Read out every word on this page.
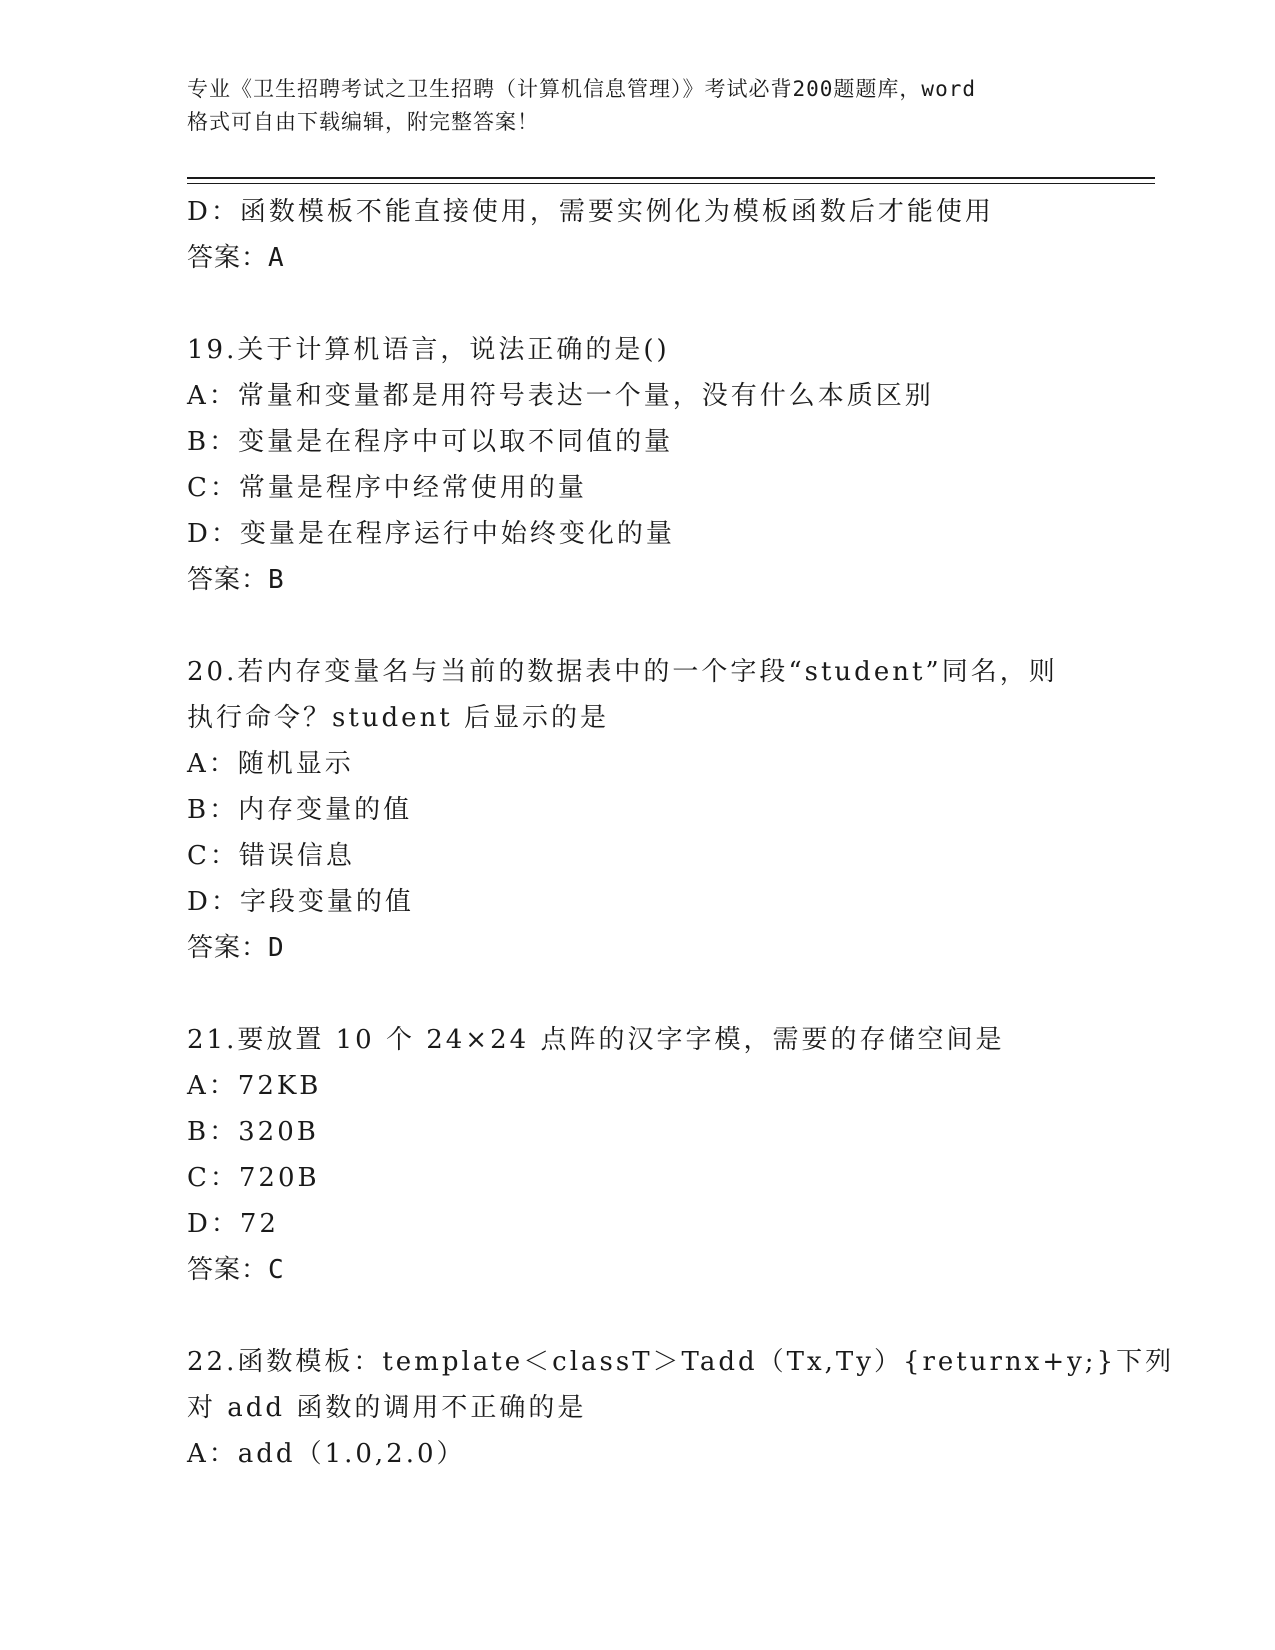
专业《卫生招聘考试之卫生招聘（计算机信息管理）》考试必背200题题库，word
格式可自由下载编辑，附完整答案！
D：函数模板不能直接使用，需要实例化为模板函数后才能使用
答案：A
19.关于计算机语言，说法正确的是()
A：常量和变量都是用符号表达一个量，没有什么本质区别
B：变量是在程序中可以取不同值的量
C：常量是程序中经常使用的量
D：变量是在程序运行中始终变化的量
答案：B
20.若内存变量名与当前的数据表中的一个字段“student”同名，则
执行命令？student 后显示的是
A：随机显示
B：内存变量的值
C：错误信息
D：字段变量的值
答案：D
21.要放置 10 个 24×24 点阵的汉字字模，需要的存储空间是
A：72KB
B：320B
C：720B
D：72
答案：C
22.函数模板：template＜classT＞Tadd（Tx,Ty）{returnx+y;}下列
对 add 函数的调用不正确的是
A：add（1.0,2.0）
